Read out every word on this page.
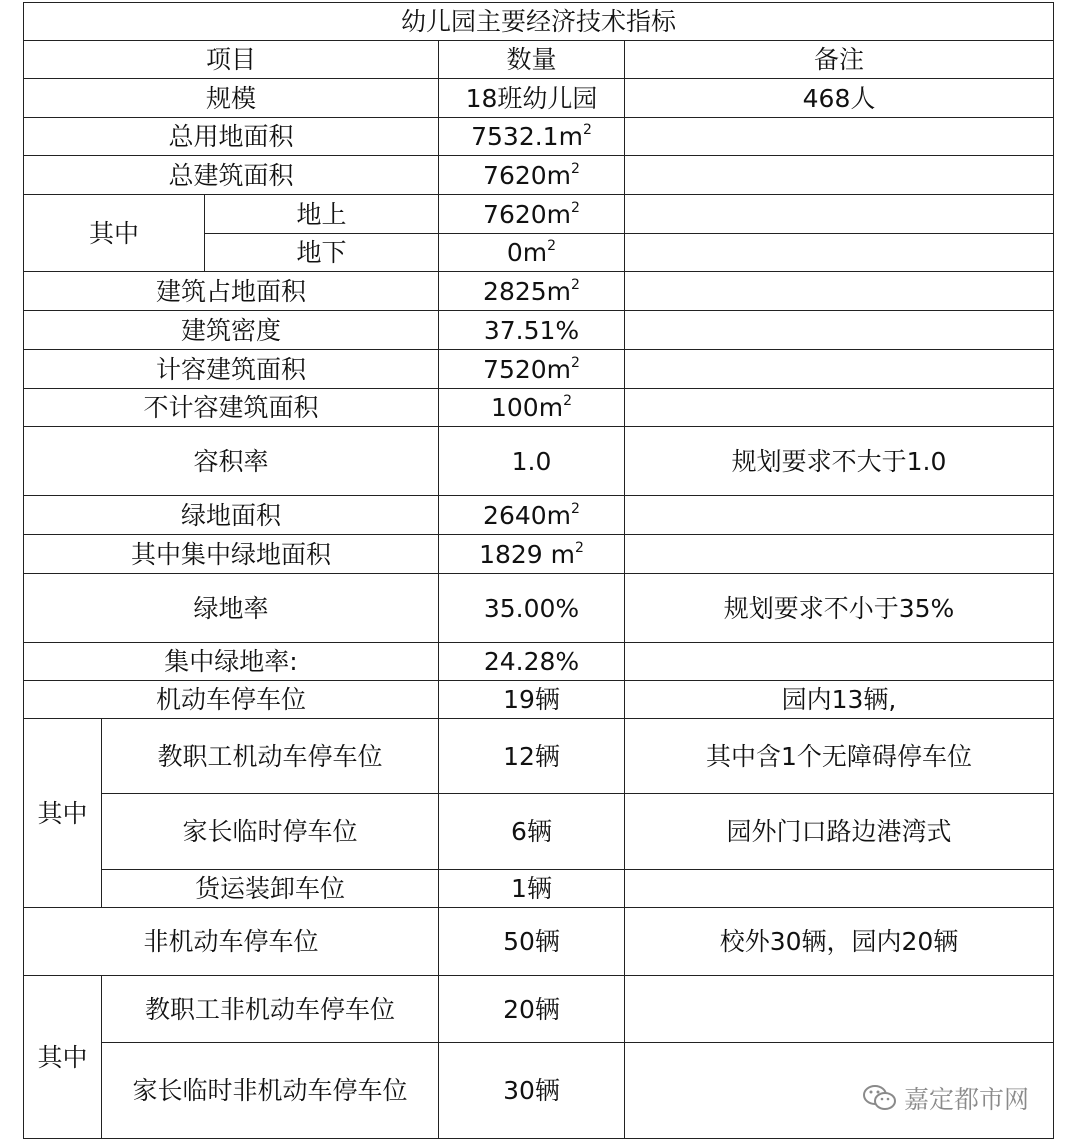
幼儿园主要经济技术指标				
项目			数量	备注
规模			18班幼儿园	468人
总用地面积			$7532.1m^2$	
总建筑面积			$7620m^2$	
其中		地上	$7620m^2$	
		地下	$0m^2$	
建筑占地面积			$2825m^2$	
建筑密度			37.51%	
计容建筑面积			$7520m^2$	
不计容建筑面积			$100m^2$	
容积率			1.0	规划要求不大于1.0
绿地面积			$2640m^2$	
其中集中绿地面积			1829 $m^2$	
绿地率			35.00%	规划要求不小于35%
集中绿地率:			24.28%	
机动车停车位			19辆	园内13辆,
其中	教职工机动车停车位		12辆	其中含1个无障碍停车位
	家长临时停车位		6辆	园外门口路边港湾式
	货运装卸车位		1辆	
非机动车停车位			50辆	校外30辆，园内20辆
其中	教职工非机动车停车位		20辆	
	家长临时非机动车停车位		30辆		嘉定都市网
